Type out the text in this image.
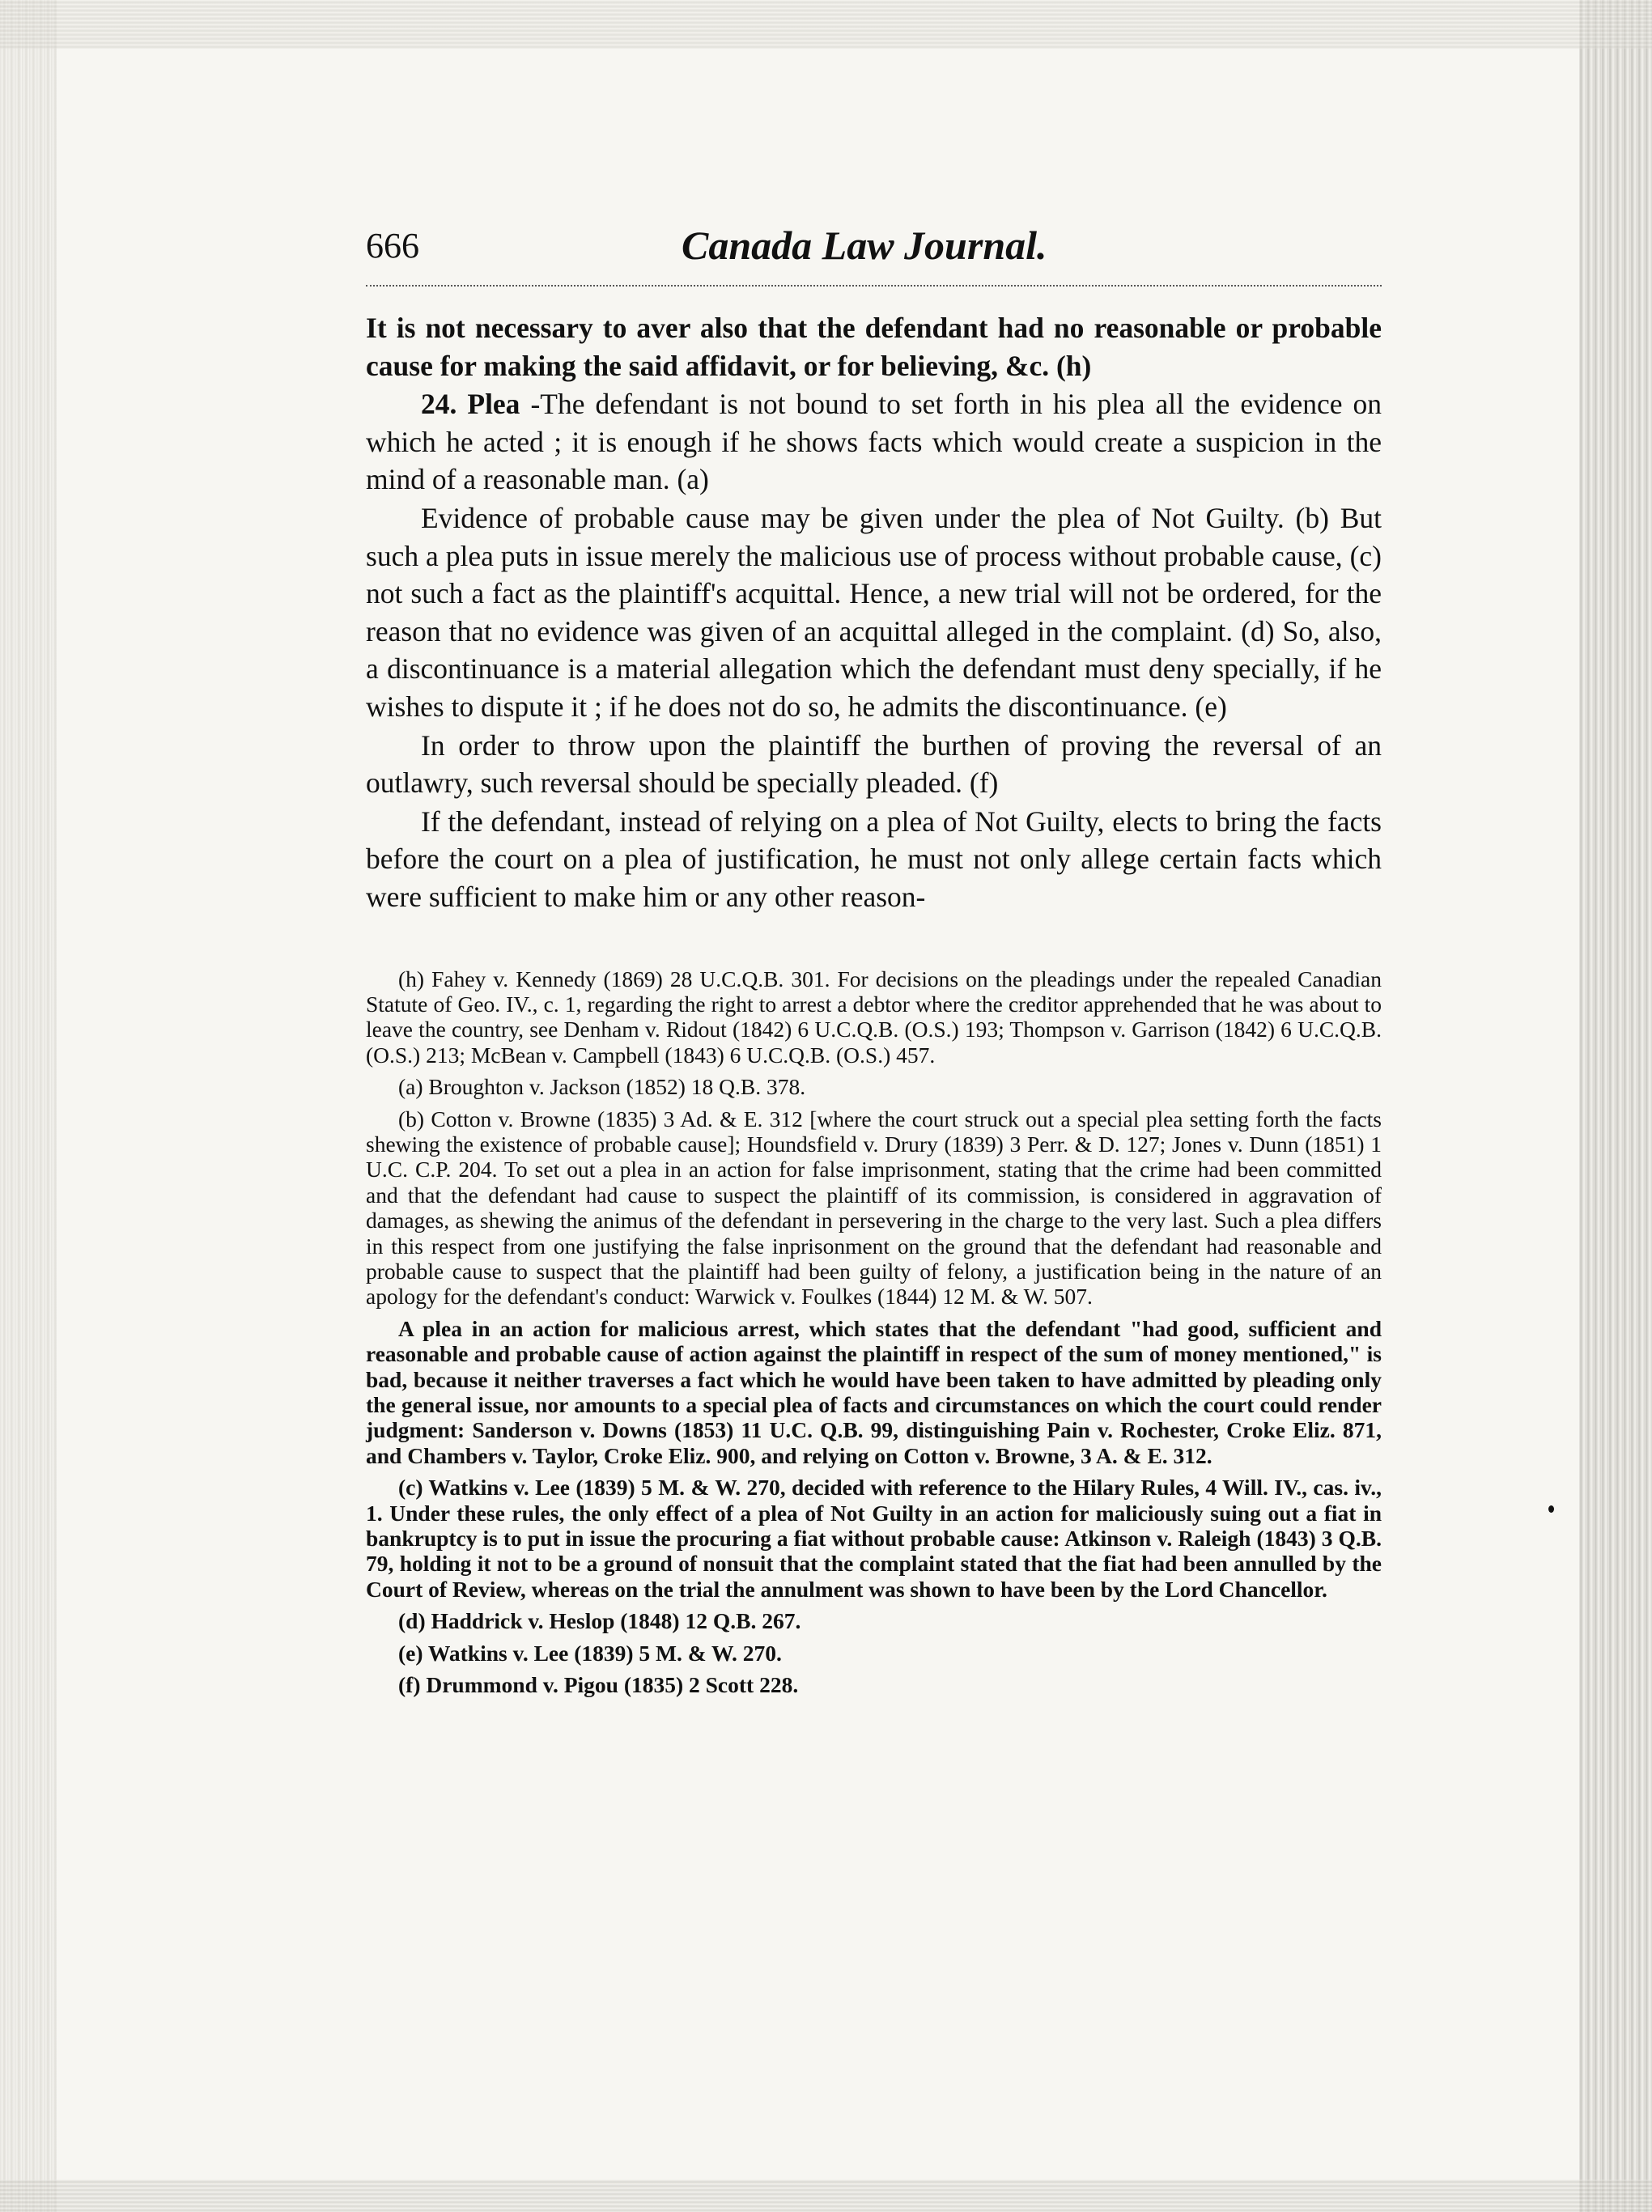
666	Canada Law Journal.

It is not necessary to aver also that the defendant had no reasonable or probable cause for making the said affidavit, or for believing, &c. (h)

24. Plea -The defendant is not bound to set forth in his plea all the evidence on which he acted ; it is enough if he shows facts which would create a suspicion in the mind of a reasonable man. (a)

Evidence of probable cause may be given under the plea of Not Guilty. (b) But such a plea puts in issue merely the malicious use of process without probable cause, (c) not such a fact as the plaintiff's acquittal. Hence, a new trial will not be ordered, for the reason that no evidence was given of an acquittal alleged in the complaint. (d) So, also, a discontinuance is a material allegation which the defendant must deny specially, if he wishes to dispute it ; if he does not do so, he admits the discontinuance. (e)

In order to throw upon the plaintiff the burthen of proving the reversal of an outlawry, such reversal should be specially pleaded. (f)

If the defendant, instead of relying on a plea of Not Guilty, elects to bring the facts before the court on a plea of justification, he must not only allege certain facts which were sufficient to make him or any other reason-

(h) Fahey v. Kennedy (1869) 28 U.C.Q.B. 301. For decisions on the pleadings under the repealed Canadian Statute of Geo. IV., c. 1, regarding the right to arrest a debtor where the creditor apprehended that he was about to leave the country, see Denham v. Ridout (1842) 6 U.C.Q.B. (O.S.) 193; Thompson v. Garrison (1842) 6 U.C.Q.B. (O.S.) 213; McBean v. Campbell (1843) 6 U.C.Q.B. (O.S.) 457.

(a) Broughton v. Jackson (1852) 18 Q.B. 378.

(b) Cotton v. Browne (1835) 3 Ad. & E. 312 [where the court struck out a special plea setting forth the facts shewing the existence of probable cause]; Houndsfield v. Drury (1839) 3 Perr. & D. 127; Jones v. Dunn (1851) 1 U.C. C.P. 204. To set out a plea in an action for false imprisonment, stating that the crime had been committed and that the defendant had cause to suspect the plaintiff of its commission, is considered in aggravation of damages, as shewing the animus of the defendant in persevering in the charge to the very last. Such a plea differs in this respect from one justifying the false inprisonment on the ground that the defendant had reasonable and probable cause to suspect that the plaintiff had been guilty of felony, a justification being in the nature of an apology for the defendant's conduct: Warwick v. Foulkes (1844) 12 M. & W. 507.

A plea in an action for malicious arrest, which states that the defendant "had good, sufficient and reasonable and probable cause of action against the plaintiff in respect of the sum of money mentioned," is bad, because it neither traverses a fact which he would have been taken to have admitted by pleading only the general issue, nor amounts to a special plea of facts and circumstances on which the court could render judgment: Sanderson v. Downs (1853) 11 U.C. Q.B. 99, distinguishing Pain v. Rochester, Croke Eliz. 871, and Chambers v. Taylor, Croke Eliz. 900, and relying on Cotton v. Browne, 3 A. & E. 312.

(c) Watkins v. Lee (1839) 5 M. & W. 270, decided with reference to the Hilary Rules, 4 Will. IV., cas. iv., 1. Under these rules, the only effect of a plea of Not Guilty in an action for maliciously suing out a fiat in bankruptcy is to put in issue the procuring a fiat without probable cause: Atkinson v. Raleigh (1843) 3 Q.B. 79, holding it not to be a ground of nonsuit that the complaint stated that the fiat had been annulled by the Court of Review, whereas on the trial the annulment was shown to have been by the Lord Chancellor.

(d) Haddrick v. Heslop (1848) 12 Q.B. 267.

(e) Watkins v. Lee (1839) 5 M. & W. 270.

(f) Drummond v. Pigou (1835) 2 Scott 228.
